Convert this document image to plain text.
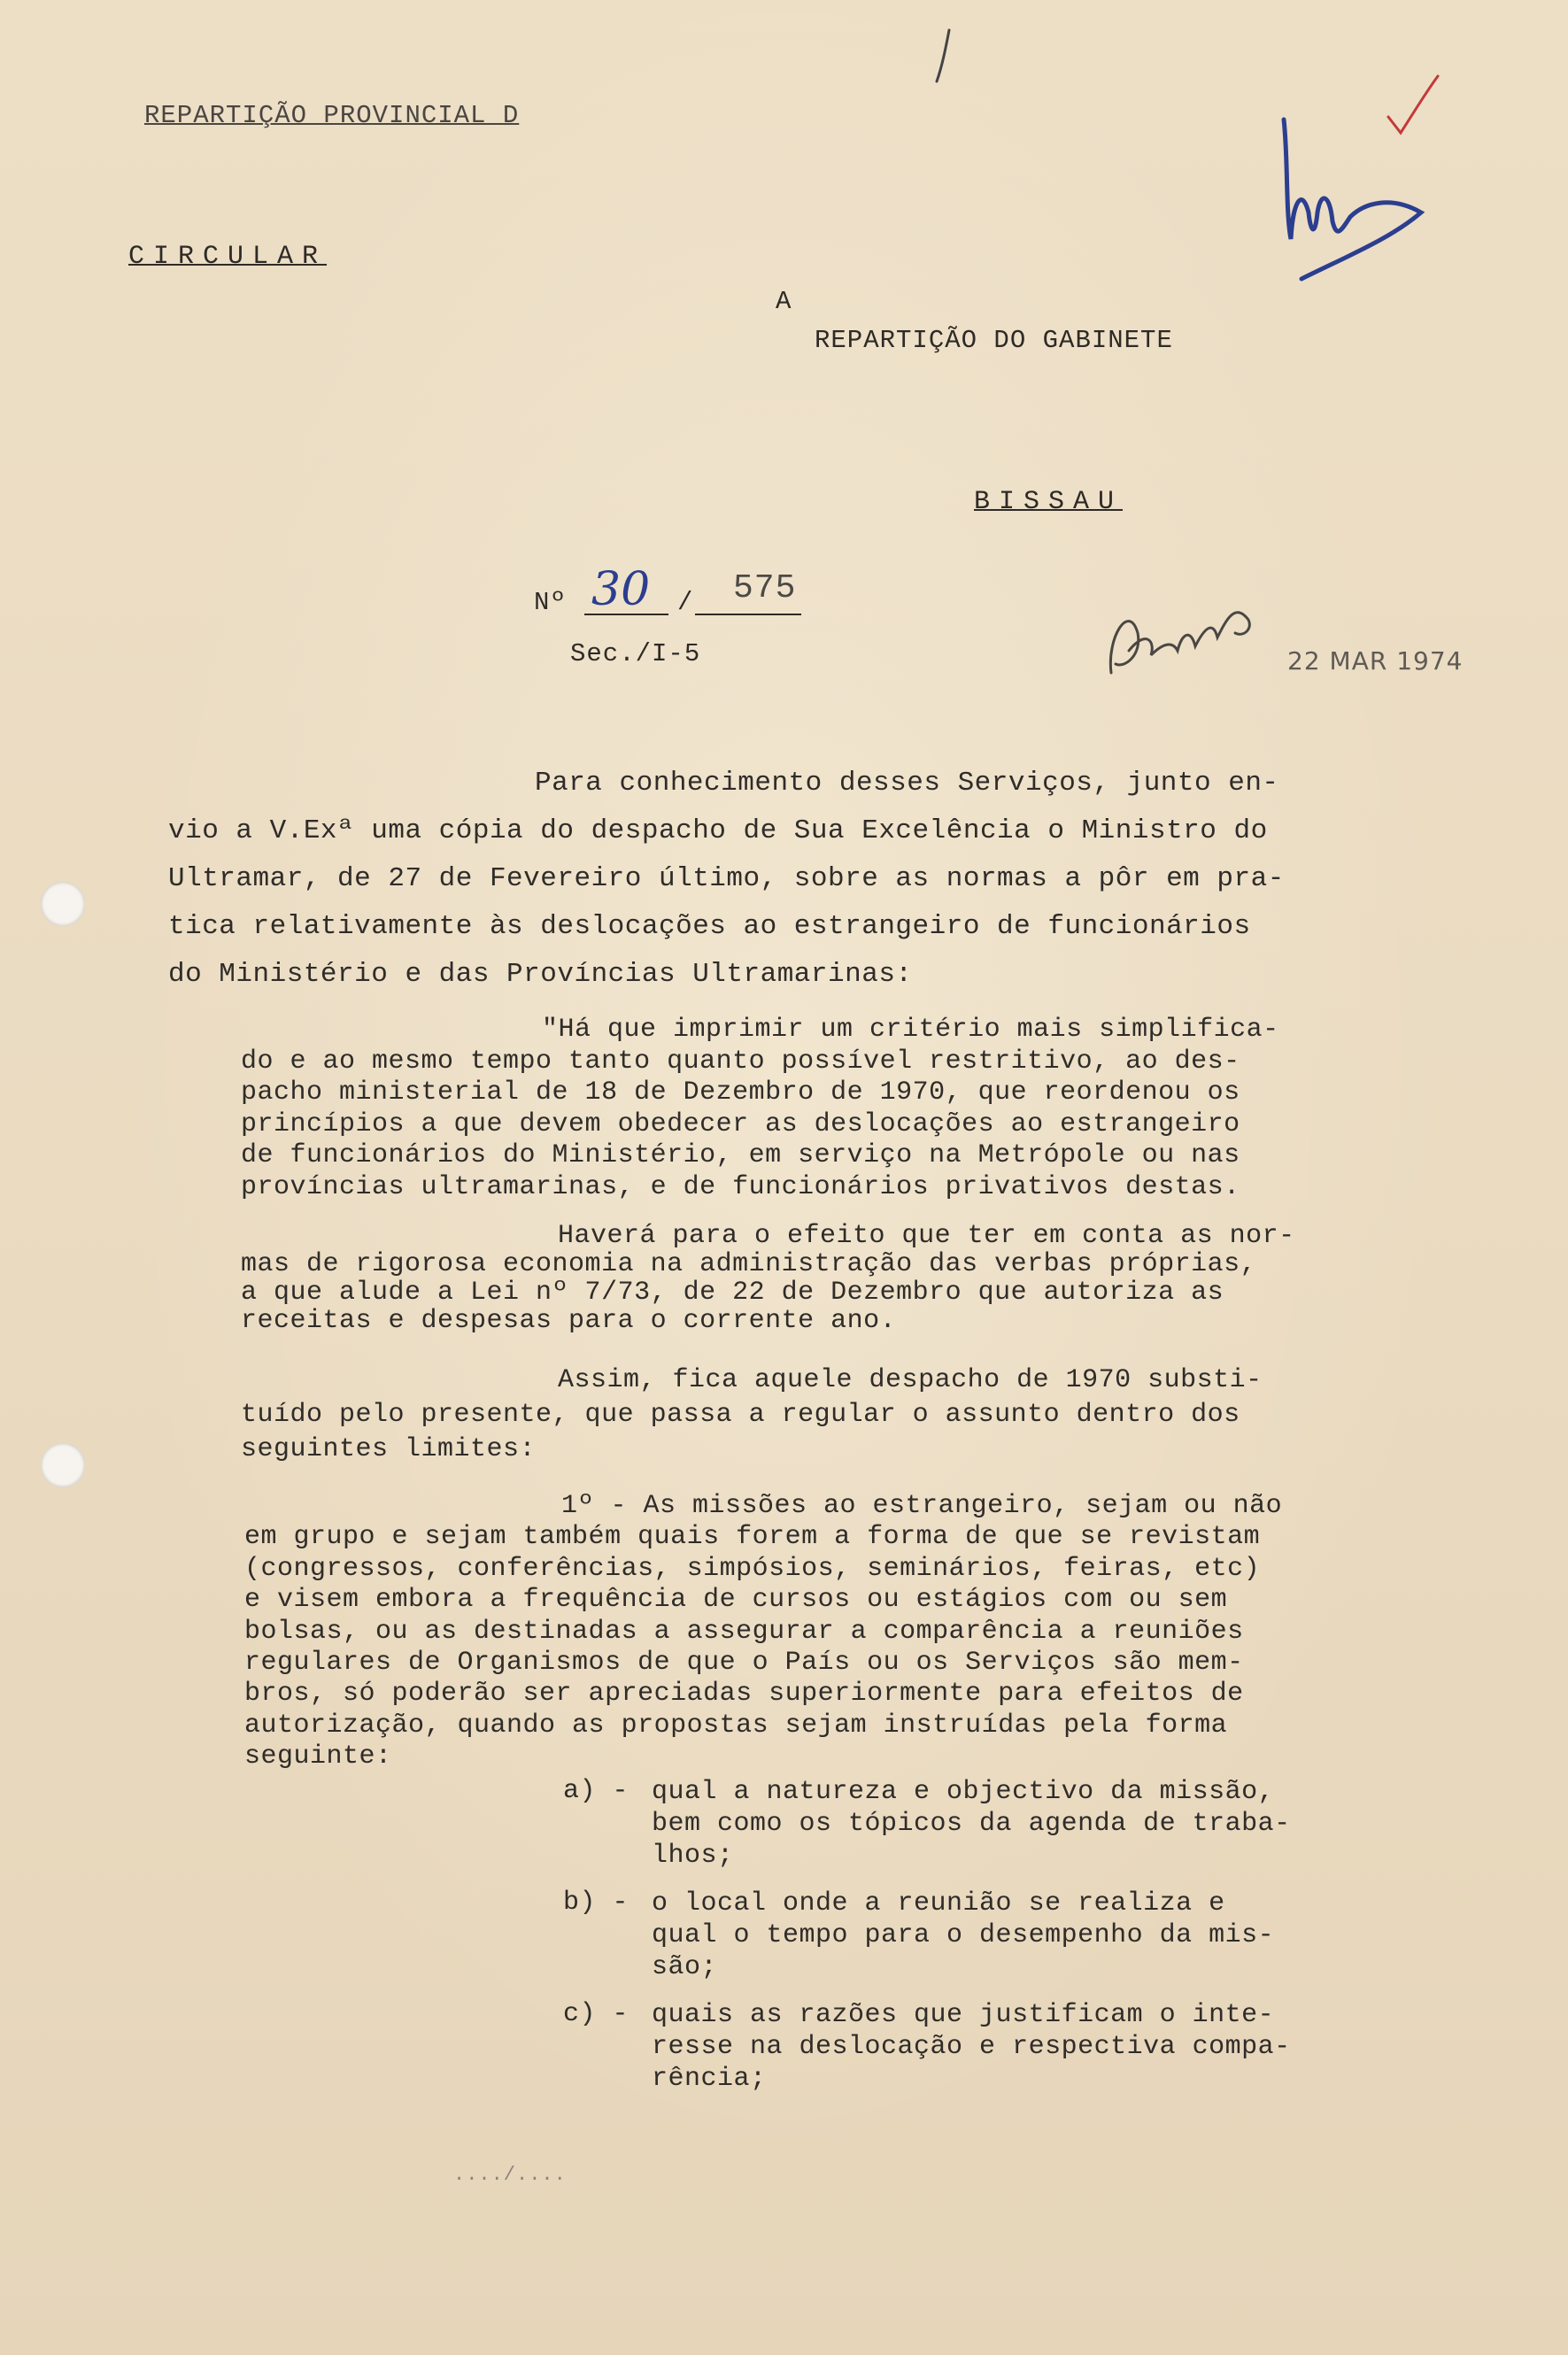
REPARTIÇÃO PROVINCIAL D
CIRCULAR
A
REPARTIÇÃO DO GABINETE
BISSAU
Nº 30 / 575
Sec./I-5	22 MAR 1974
Para conhecimento desses Serviços, junto en-
vio a V.Exª uma cópia do despacho de Sua Excelência o Ministro do
Ultramar, de 27 de Fevereiro último, sobre as normas a pôr em pra-
tica relativamente às deslocações ao estrangeiro de funcionários
do Ministério e das Províncias Ultramarinas:
"Há que imprimir um critério mais simplifica-
do e ao mesmo tempo tanto quanto possível restritivo, ao des-
pacho ministerial de 18 de Dezembro de 1970, que reordenou os
princípios a que devem obedecer as deslocações ao estrangeiro
de funcionários do Ministério, em serviço na Metrópole ou nas
províncias ultramarinas, e de funcionários privativos destas.
Haverá para o efeito que ter em conta as nor-
mas de rigorosa economia na administração das verbas próprias,
a que alude a Lei nº 7/73, de 22 de Dezembro que autoriza as
receitas e despesas para o corrente ano.
Assim, fica aquele despacho de 1970 substi-
tuído pelo presente, que passa a regular o assunto dentro dos
seguintes limites:
1º - As missões ao estrangeiro, sejam ou não
em grupo e sejam também quais forem a forma de que se revistam
(congressos, conferências, simpósios, seminários, feiras, etc)
e visem embora a frequência de cursos ou estágios com ou sem
bolsas, ou as destinadas a assegurar a comparência a reuniões
regulares de Organismos de que o País ou os Serviços são mem-
bros, só poderão ser apreciadas superiormente para efeitos de
autorização, quando as propostas sejam instruídas pela forma
seguinte:
a) - qual a natureza e objectivo da missão,
bem como os tópicos da agenda de traba-
lhos;
b) - o local onde a reunião se realiza e
qual o tempo para o desempenho da mis-
são;
c) - quais as razões que justificam o inte-
resse na deslocação e respectiva compa-
rência;
..../....
